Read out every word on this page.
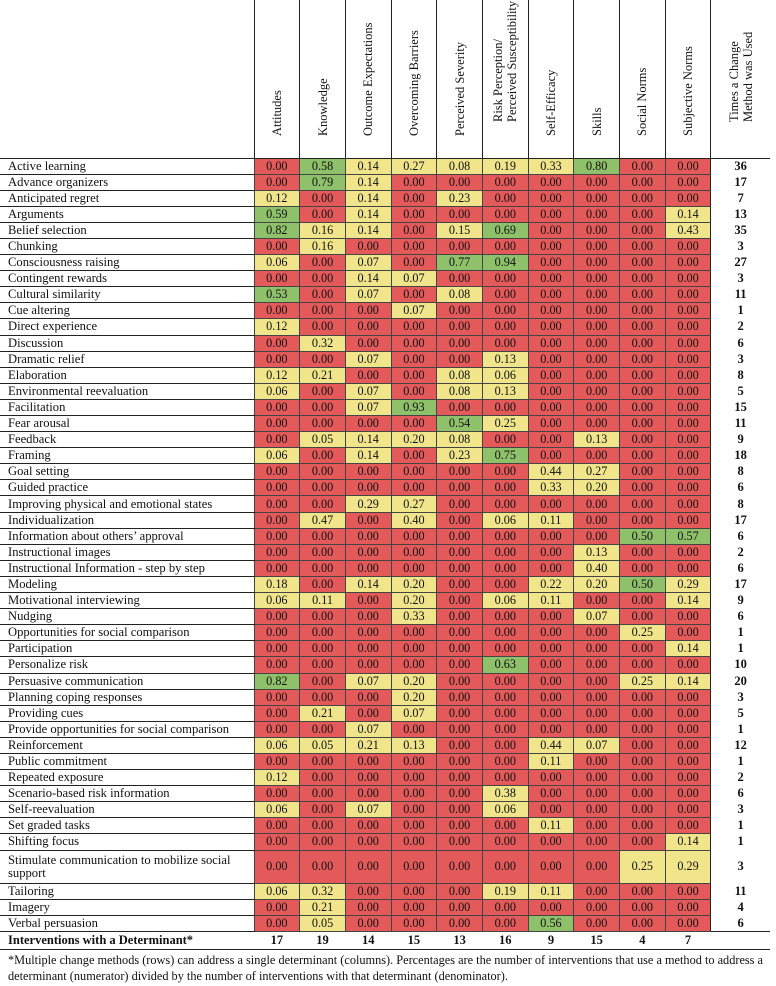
	Attitudes	Knowledge	Outcome Expectations	Overcoming Barriers	Perceived Severity	Risk Perception/ Perceived Susceptibility	Self-Efficacy	Skills	Social Norms	Subjective Norms	Times a Change Method was Used

Active learning	0.00	0.58	0.14	0.27	0.08	0.19	0.33	0.80	0.00	0.00	36
Advance organizers	0.00	0.79	0.14	0.00	0.00	0.00	0.00	0.00	0.00	0.00	17
Anticipated regret	0.12	0.00	0.14	0.00	0.23	0.00	0.00	0.00	0.00	0.00	7
Arguments	0.59	0.00	0.14	0.00	0.00	0.00	0.00	0.00	0.00	0.14	13
Belief selection	0.82	0.16	0.14	0.00	0.15	0.69	0.00	0.00	0.00	0.43	35
Chunking	0.00	0.16	0.00	0.00	0.00	0.00	0.00	0.00	0.00	0.00	3
Consciousness raising	0.06	0.00	0.07	0.00	0.77	0.94	0.00	0.00	0.00	0.00	27
Contingent rewards	0.00	0.00	0.14	0.07	0.00	0.00	0.00	0.00	0.00	0.00	3
Cultural similarity	0.53	0.00	0.07	0.00	0.08	0.00	0.00	0.00	0.00	0.00	11
Cue altering	0.00	0.00	0.00	0.07	0.00	0.00	0.00	0.00	0.00	0.00	1
Direct experience	0.12	0.00	0.00	0.00	0.00	0.00	0.00	0.00	0.00	0.00	2
Discussion	0.00	0.32	0.00	0.00	0.00	0.00	0.00	0.00	0.00	0.00	6
Dramatic relief	0.00	0.00	0.07	0.00	0.00	0.13	0.00	0.00	0.00	0.00	3
Elaboration	0.12	0.21	0.00	0.00	0.08	0.06	0.00	0.00	0.00	0.00	8
Environmental reevaluation	0.06	0.00	0.07	0.00	0.08	0.13	0.00	0.00	0.00	0.00	5
Facilitation	0.00	0.00	0.07	0.93	0.00	0.00	0.00	0.00	0.00	0.00	15
Fear arousal	0.00	0.00	0.00	0.00	0.54	0.25	0.00	0.00	0.00	0.00	11
Feedback	0.00	0.05	0.14	0.20	0.08	0.00	0.00	0.13	0.00	0.00	9
Framing	0.06	0.00	0.14	0.00	0.23	0.75	0.00	0.00	0.00	0.00	18
Goal setting	0.00	0.00	0.00	0.00	0.00	0.00	0.44	0.27	0.00	0.00	8
Guided practice	0.00	0.00	0.00	0.00	0.00	0.00	0.33	0.20	0.00	0.00	6
Improving physical and emotional states	0.00	0.00	0.29	0.27	0.00	0.00	0.00	0.00	0.00	0.00	8
Individualization	0.00	0.47	0.00	0.40	0.00	0.06	0.11	0.00	0.00	0.00	17
Information about others’ approval	0.00	0.00	0.00	0.00	0.00	0.00	0.00	0.00	0.50	0.57	6
Instructional images	0.00	0.00	0.00	0.00	0.00	0.00	0.00	0.13	0.00	0.00	2
Instructional Information - step by step	0.00	0.00	0.00	0.00	0.00	0.00	0.00	0.40	0.00	0.00	6
Modeling	0.18	0.00	0.14	0.20	0.00	0.00	0.22	0.20	0.50	0.29	17
Motivational interviewing	0.06	0.11	0.00	0.20	0.00	0.06	0.11	0.00	0.00	0.14	9
Nudging	0.00	0.00	0.00	0.33	0.00	0.00	0.00	0.07	0.00	0.00	6
Opportunities for social comparison	0.00	0.00	0.00	0.00	0.00	0.00	0.00	0.00	0.25	0.00	1
Participation	0.00	0.00	0.00	0.00	0.00	0.00	0.00	0.00	0.00	0.14	1
Personalize risk	0.00	0.00	0.00	0.00	0.00	0.63	0.00	0.00	0.00	0.00	10
Persuasive communication	0.82	0.00	0.07	0.20	0.00	0.00	0.00	0.00	0.25	0.14	20
Planning coping responses	0.00	0.00	0.00	0.20	0.00	0.00	0.00	0.00	0.00	0.00	3
Providing cues	0.00	0.21	0.00	0.07	0.00	0.00	0.00	0.00	0.00	0.00	5
Provide opportunities for social comparison	0.00	0.00	0.07	0.00	0.00	0.00	0.00	0.00	0.00	0.00	1
Reinforcement	0.06	0.05	0.21	0.13	0.00	0.00	0.44	0.07	0.00	0.00	12
Public commitment	0.00	0.00	0.00	0.00	0.00	0.00	0.11	0.00	0.00	0.00	1
Repeated exposure	0.12	0.00	0.00	0.00	0.00	0.00	0.00	0.00	0.00	0.00	2
Scenario-based risk information	0.00	0.00	0.00	0.00	0.00	0.38	0.00	0.00	0.00	0.00	6
Self-reevaluation	0.06	0.00	0.07	0.00	0.00	0.06	0.00	0.00	0.00	0.00	3
Set graded tasks	0.00	0.00	0.00	0.00	0.00	0.00	0.11	0.00	0.00	0.00	1
Shifting focus	0.00	0.00	0.00	0.00	0.00	0.00	0.00	0.00	0.00	0.14	1
Stimulate communication to mobilize social support	0.00	0.00	0.00	0.00	0.00	0.00	0.00	0.00	0.25	0.29	3
Tailoring	0.06	0.32	0.00	0.00	0.00	0.19	0.11	0.00	0.00	0.00	11
Imagery	0.00	0.21	0.00	0.00	0.00	0.00	0.00	0.00	0.00	0.00	4
Verbal persuasion	0.00	0.05	0.00	0.00	0.00	0.00	0.56	0.00	0.00	0.00	6
Interventions with a Determinant*	17	19	14	15	13	16	9	15	4	7	
*Multiple change methods (rows) can address a single determinant (columns). Percentages are the number of interventions that use a method to address a determinant (numerator) divided by the number of interventions with that determinant (denominator).
